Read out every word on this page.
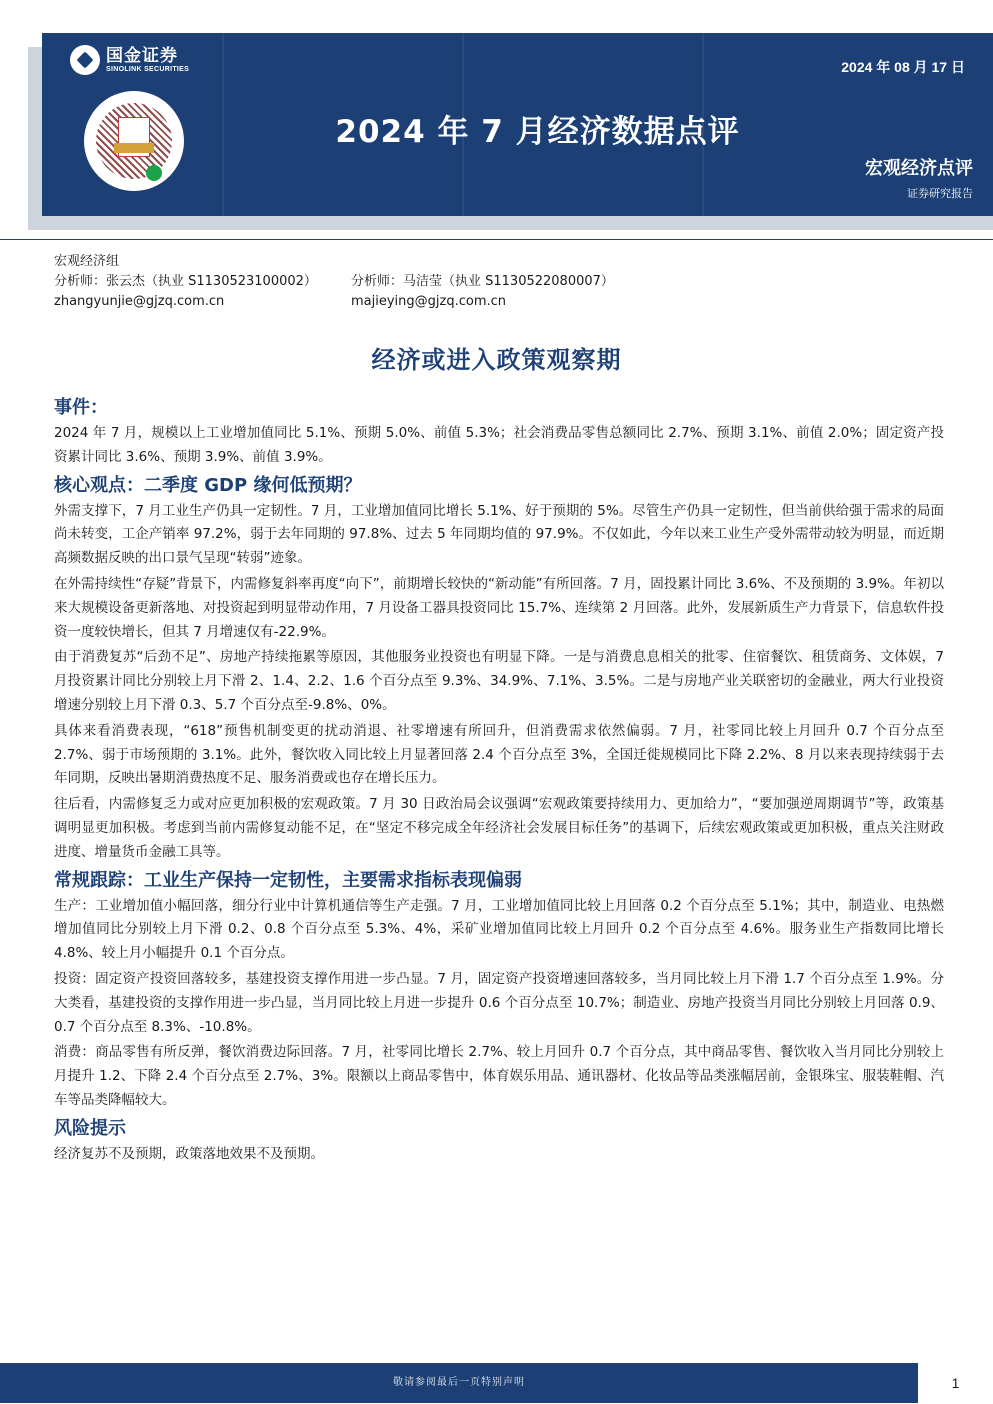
国金证券
SINOLINK SECURITIES	2024 年 08 月 17 日
2024 年 7 月经济数据点评
宏观经济点评
证券研究报告
宏观经济组
分析师：张云杰（执业 S1130523100002）	分析师：马洁莹（执业 S1130522080007）
zhangyunjie@gjzq.com.cn	majieying@gjzq.com.cn
经济或进入政策观察期
事件：
2024 年 7 月，规模以上工业增加值同比 5.1%、预期 5.0%、前值 5.3%；社会消费品零售总额同比 2.7%、预期 3.1%、前值 2.0%；固定资产投资累计同比 3.6%、预期 3.9%、前值 3.9%。
核心观点：二季度 GDP 缘何低预期？
外需支撑下，7 月工业生产仍具一定韧性。7 月，工业增加值同比增长 5.1%、好于预期的 5%。尽管生产仍具一定韧性，但当前供给强于需求的局面尚未转变，工企产销率 97.2%，弱于去年同期的 97.8%、过去 5 年同期均值的 97.9%。不仅如此，今年以来工业生产受外需带动较为明显，而近期高频数据反映的出口景气呈现“转弱”迹象。
在外需持续性“存疑”背景下，内需修复斜率再度“向下”，前期增长较快的“新动能”有所回落。7 月，固投累计同比 3.6%、不及预期的 3.9%。年初以来大规模设备更新落地、对投资起到明显带动作用，7 月设备工器具投资同比 15.7%、连续第 2 月回落。此外，发展新质生产力背景下，信息软件投资一度较快增长，但其 7 月增速仅有-22.9%。
由于消费复苏“后劲不足”、房地产持续拖累等原因，其他服务业投资也有明显下降。一是与消费息息相关的批零、住宿餐饮、租赁商务、文体娱，7 月投资累计同比分别较上月下滑 2、1.4、2.2、1.6 个百分点至 9.3%、34.9%、7.1%、3.5%。二是与房地产业关联密切的金融业，两大行业投资增速分别较上月下滑 0.3、5.7 个百分点至-9.8%、0%。
具体来看消费表现，“618”预售机制变更的扰动消退、社零增速有所回升，但消费需求依然偏弱。7 月，社零同比较上月回升 0.7 个百分点至 2.7%、弱于市场预期的 3.1%。此外，餐饮收入同比较上月显著回落 2.4 个百分点至 3%，全国迁徙规模同比下降 2.2%、8 月以来表现持续弱于去年同期，反映出暑期消费热度不足、服务消费或也存在增长压力。
往后看，内需修复乏力或对应更加积极的宏观政策。7 月 30 日政治局会议强调“宏观政策要持续用力、更加给力”，“要加强逆周期调节”等，政策基调明显更加积极。考虑到当前内需修复动能不足，在“坚定不移完成全年经济社会发展目标任务”的基调下，后续宏观政策或更加积极，重点关注财政进度、增量货币金融工具等。
常规跟踪：工业生产保持一定韧性，主要需求指标表现偏弱
生产：工业增加值小幅回落，细分行业中计算机通信等生产走强。7 月，工业增加值同比较上月回落 0.2 个百分点至 5.1%；其中，制造业、电热燃增加值同比分别较上月下滑 0.2、0.8 个百分点至 5.3%、4%，采矿业增加值同比较上月回升 0.2 个百分点至 4.6%。服务业生产指数同比增长 4.8%、较上月小幅提升 0.1 个百分点。
投资：固定资产投资回落较多，基建投资支撑作用进一步凸显。7 月，固定资产投资增速回落较多，当月同比较上月下滑 1.7 个百分点至 1.9%。分大类看，基建投资的支撑作用进一步凸显，当月同比较上月进一步提升 0.6 个百分点至 10.7%；制造业、房地产投资当月同比分别较上月回落 0.9、0.7 个百分点至 8.3%、-10.8%。
消费：商品零售有所反弹，餐饮消费边际回落。7 月，社零同比增长 2.7%、较上月回升 0.7 个百分点，其中商品零售、餐饮收入当月同比分别较上月提升 1.2、下降 2.4 个百分点至 2.7%、3%。限额以上商品零售中，体育娱乐用品、通讯器材、化妆品等品类涨幅居前，金银珠宝、服装鞋帽、汽车等品类降幅较大。
风险提示
经济复苏不及预期，政策落地效果不及预期。
敬请参阅最后一页特别声明	1
